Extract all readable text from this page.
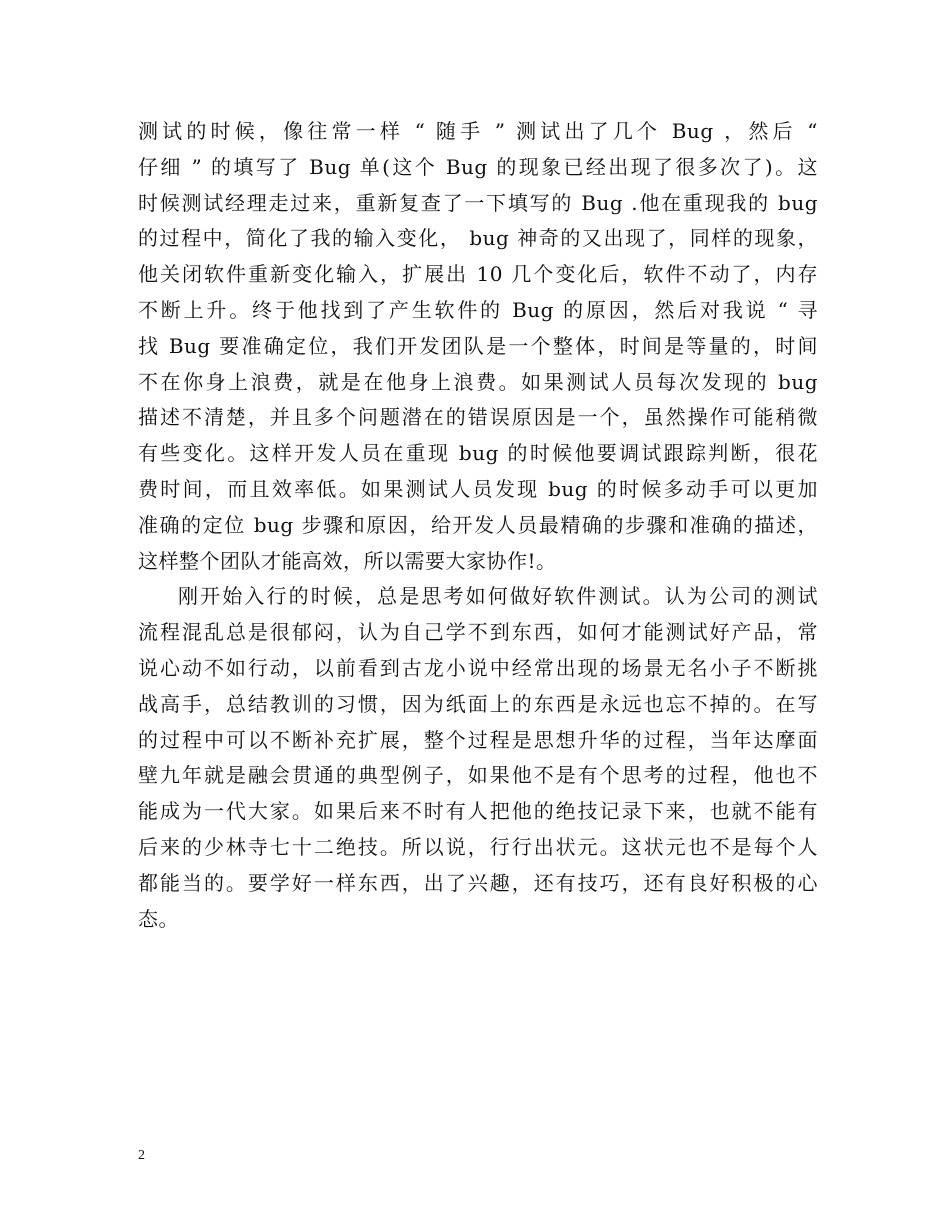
测试的时候，像往常一样 “ 随手 ” 测试出了几个 Bug ，然后 “
仔细 ” 的填写了 Bug 单(这个 Bug 的现象已经出现了很多次了)。这
时候测试经理走过来，重新复查了一下填写的 Bug .他在重现我的 bug
的过程中，简化了我的输入变化， bug 神奇的又出现了，同样的现象，
他关闭软件重新变化输入，扩展出 10 几个变化后，软件不动了，内存
不断上升。终于他找到了产生软件的 Bug 的原因，然后对我说 “ 寻
找 Bug 要准确定位，我们开发团队是一个整体，时间是等量的，时间
不在你身上浪费，就是在他身上浪费。如果测试人员每次发现的 bug
描述不清楚，并且多个问题潜在的错误原因是一个，虽然操作可能稍微
有些变化。这样开发人员在重现 bug 的时候他要调试跟踪判断，很花
费时间，而且效率低。如果测试人员发现 bug 的时候多动手可以更加
准确的定位 bug 步骤和原因，给开发人员最精确的步骤和准确的描述，
这样整个团队才能高效，所以需要大家协作!。
刚开始入行的时候，总是思考如何做好软件测试。认为公司的测试
流程混乱总是很郁闷，认为自己学不到东西，如何才能测试好产品，常
说心动不如行动，以前看到古龙小说中经常出现的场景无名小子不断挑
战高手，总结教训的习惯，因为纸面上的东西是永远也忘不掉的。在写
的过程中可以不断补充扩展，整个过程是思想升华的过程，当年达摩面
壁九年就是融会贯通的典型例子，如果他不是有个思考的过程，他也不
能成为一代大家。如果后来不时有人把他的绝技记录下来，也就不能有
后来的少林寺七十二绝技。所以说，行行出状元。这状元也不是每个人
都能当的。要学好一样东西，出了兴趣，还有技巧，还有良好积极的心
态。
2
